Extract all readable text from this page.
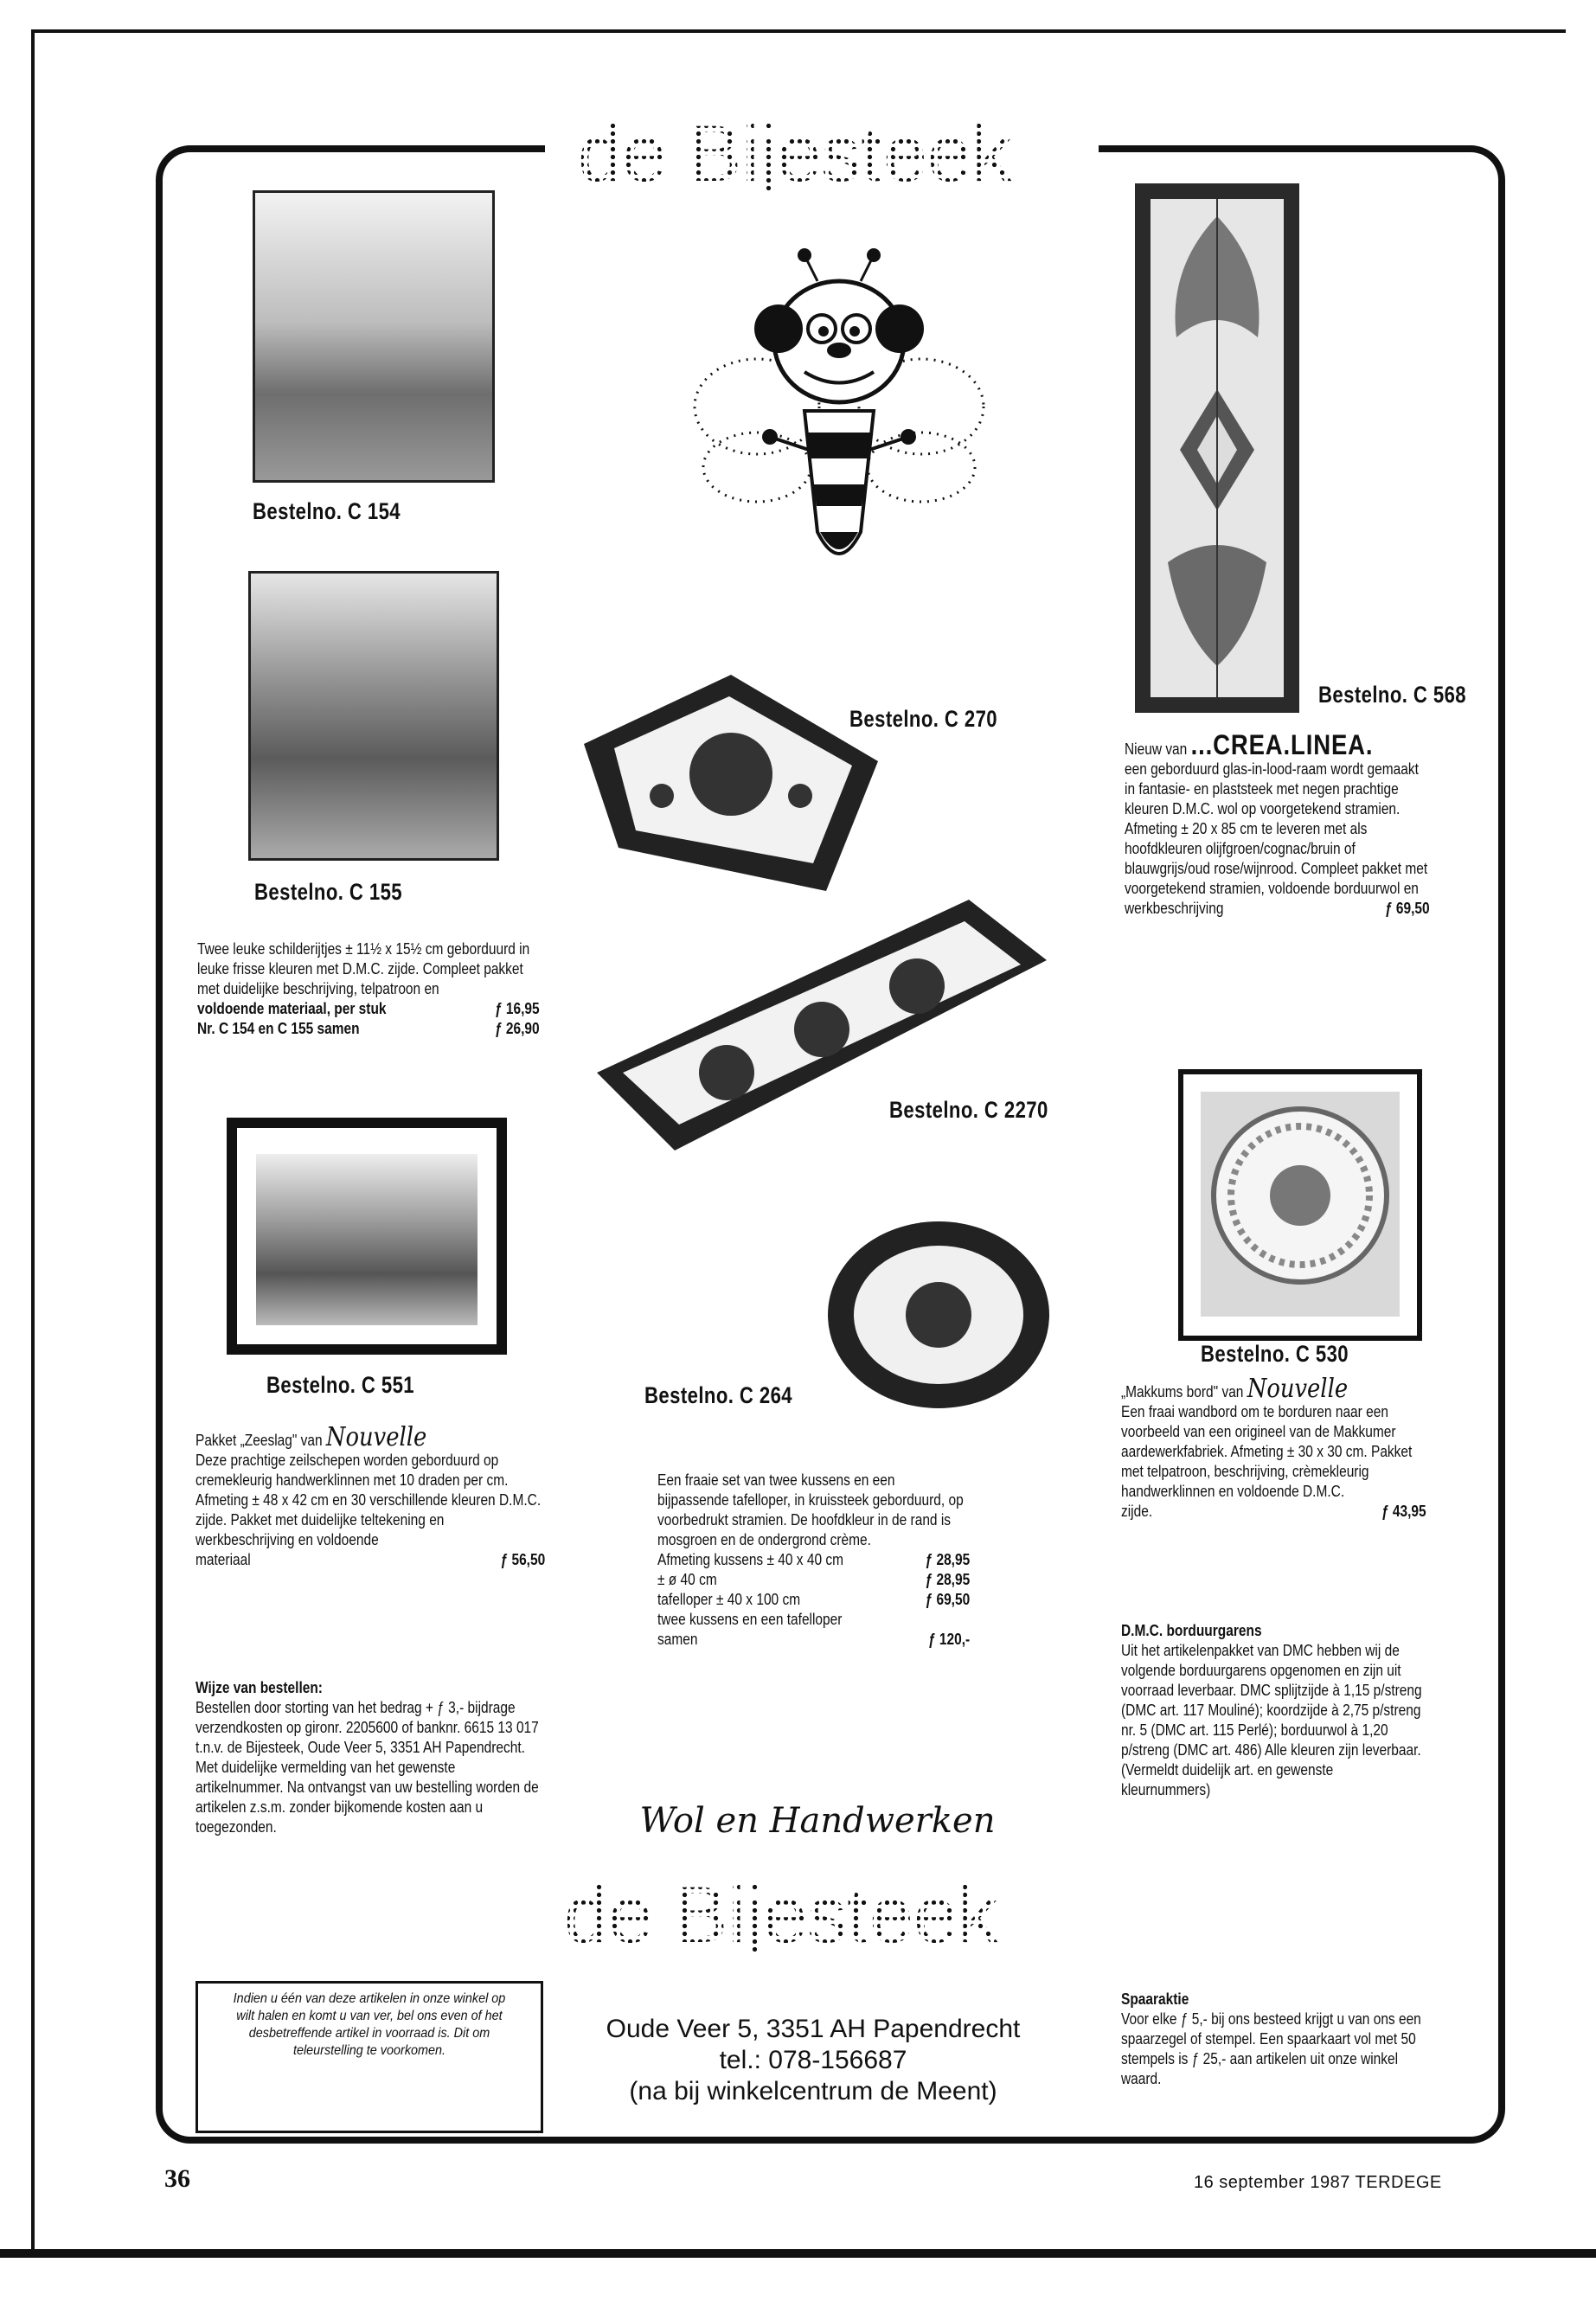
de Bijesteek
Bestelno. C 154
Bestelno. C 155

Twee leuke schilderijtjes ± 11½ x 15½ cm geborduurd in leuke frisse kleuren met D.M.C. zijde. Compleet pakket met duidelijke beschrijving, telpatroon en

voldoende materiaal, per stuk	ƒ 16,95
Nr. C 154 en C 155 samen	ƒ 26,90
Bestelno. C 551

Pakket „Zeeslag" van Nouvelle

Deze prachtige zeilschepen worden geborduurd op cremekleurig handwerklinnen met 10 draden per cm. Afmeting ± 48 x 42 cm en 30 verschillende kleuren D.M.C. zijde. Pakket met duidelijke teltekening en werkbeschrijving en voldoende

materiaal	ƒ 56,50

Wijze van bestellen:

Bestellen door storting van het bedrag + ƒ 3,- bijdrage verzendkosten op gironr. 2205600 of banknr. 6615 13 017 t.n.v. de Bijesteek, Oude Veer 5, 3351 AH Papendrecht. Met duidelijke vermelding van het gewenste artikelnummer. Na ontvangst van uw bestelling worden de artikelen z.s.m. zonder bijkomende kosten aan u toegezonden.

Indien u één van deze artikelen in onze winkel op wilt halen en komt u van ver, bel ons even of het desbetreffende artikel in voorraad is. Dit om teleurstelling te voorkomen.

Bestelno. C 270
Bestelno. C 2270
Bestelno. C 264

Een fraaie set van twee kussens en een bijpassende tafelloper, in kruissteek geborduurd, op voorbedrukt stramien. De hoofdkleur in de rand is mosgroen en de ondergrond crème.

Afmeting kussens ± 40 x 40 cm	ƒ 28,95
± ø 40 cm	ƒ 28,95
tafelloper ± 40 x 100 cm	ƒ 69,50
twee kussens en een tafelloper samen	ƒ 120,-
Wol en Handwerken
de Bijesteek
Oude Veer 5, 3351 AH Papendrecht
tel.: 078-156687
(na bij winkelcentrum de Meent)
Bestelno. C 568

Nieuw van ...CREA.LINEA.

een geborduurd glas-in-lood-raam wordt gemaakt in fantasie- en plaststeek met negen prachtige kleuren D.M.C. wol op voorgetekend stramien. Afmeting ± 20 x 85 cm te leveren met als hoofdkleuren olijfgroen/cognac/bruin of blauwgrijs/oud rose/wijnrood. Compleet pakket met voorgetekend stramien, voldoende borduurwol en

werkbeschrijving	ƒ 69,50
Bestelno. C 530

„Makkums bord" van Nouvelle

Een fraai wandbord om te borduren naar een voorbeeld van een origineel van de Makkumer aardewerkfabriek. Afmeting ± 30 x 30 cm. Pakket met telpatroon, beschrijving, crèmekleurig handwerklinnen en voldoende D.M.C.

zijde.	ƒ 43,95

D.M.C. borduurgarens

Uit het artikelenpakket van DMC hebben wij de volgende borduurgarens opgenomen en zijn uit voorraad leverbaar. DMC splijtzijde à 1,15 p/streng (DMC art. 117 Mouliné); koordzijde à 2,75 p/streng nr. 5 (DMC art. 115 Perlé); borduurwol à 1,20 p/streng (DMC art. 486) Alle kleuren zijn leverbaar. (Vermeldt duidelijk art. en gewenste kleurnummers)

Spaaraktie

Voor elke ƒ 5,- bij ons besteed krijgt u van ons een spaarzegel of stempel. Een spaarkaart vol met 50 stempels is ƒ 25,- aan artikelen uit onze winkel waard.

36	16 september 1987 TERDEGE
